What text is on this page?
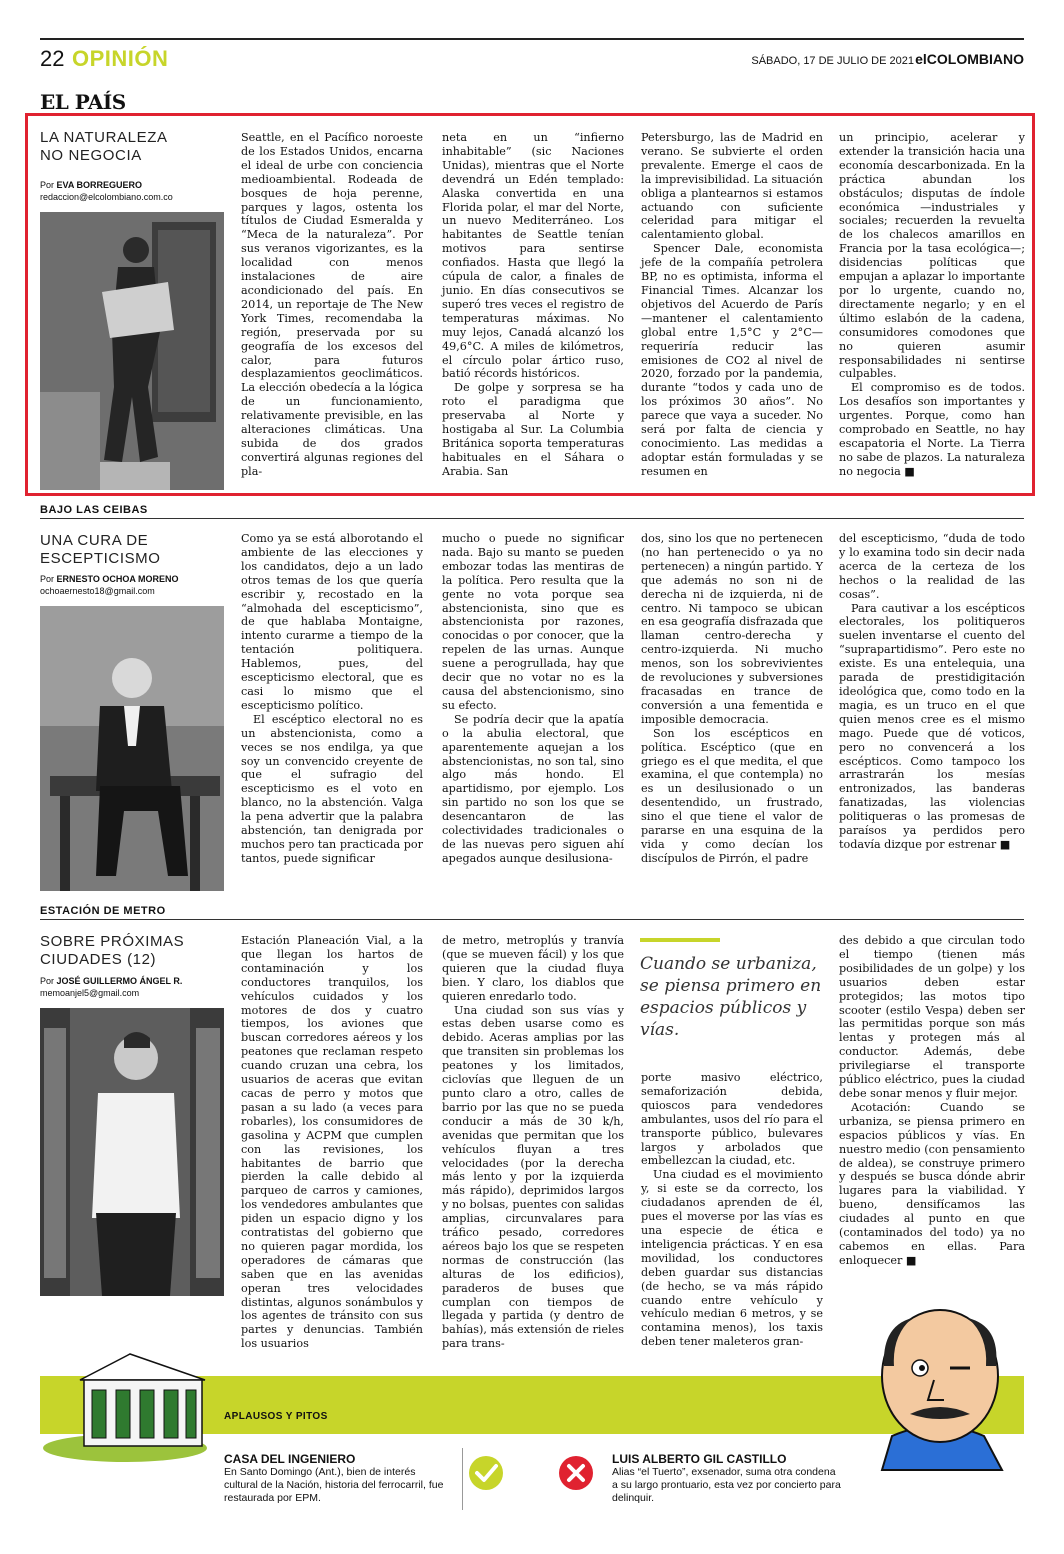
22 OPINIÓN	SÁBADO, 17 DE JULIO DE 2021 elCOLOMBIANO
EL PAÍS
LA NATURALEZA
NO NEGOCIA
Por EVA BORREGUERO
redaccion@elcolombiano.com.co

Seattle, en el Pacífico noroeste de los Estados Unidos, encarna el ideal de urbe con conciencia medioambiental. Rodeada de bosques de hoja perenne, parques y lagos, ostenta los títulos de Ciudad Esmeralda y “Meca de la naturaleza”. Por sus veranos vigorizantes, es la localidad con menos instalaciones de aire acondicionado del país. En 2014, un reportaje de The New York Times, recomendaba la región, preservada por su geografía de los excesos del calor, para futuros desplazamientos geoclimáticos. La elección obedecía a la lógica de un funcionamiento, relativamente previsible, en las alteraciones climáticas. Una subida de dos grados convertirá algunas regiones del pla-

neta en un “infierno inhabitable” (sic Naciones Unidas), mientras que el Norte devendrá un Edén templado: Alaska convertida en una Florida polar, el mar del Norte, un nuevo Mediterráneo. Los habitantes de Seattle tenían motivos para sentirse confiados. Hasta que llegó la cúpula de calor, a finales de junio. En días consecutivos se superó tres veces el registro de temperaturas máximas. No muy lejos, Canadá alcanzó los 49,6°C. A miles de kilómetros, el círculo polar ártico ruso, batió récords históricos.

De golpe y sorpresa se ha roto el paradigma que preservaba al Norte y hostigaba al Sur. La Columbia Británica soporta temperaturas habituales en el Sáhara o Arabia. San

Petersburgo, las de Madrid en verano. Se subvierte el orden prevalente. Emerge el caos de la imprevisibilidad. La situación obliga a plantearnos si estamos actuando con suficiente celeridad para mitigar el calentamiento global.

Spencer Dale, economista jefe de la compañía petrolera BP, no es optimista, informa el Financial Times. Alcanzar los objetivos del Acuerdo de París —mantener el calentamiento global entre 1,5°C y 2°C— requeriría reducir las emisiones de CO2 al nivel de 2020, forzado por la pandemia, durante “todos y cada uno de los próximos 30 años”. No parece que vaya a suceder. No será por falta de ciencia y conocimiento. Las medidas a adoptar están formuladas y se resumen en

un principio, acelerar y extender la transición hacia una economía descarbonizada. En la práctica abundan los obstáculos; disputas de índole económica —industriales y sociales; recuerden la revuelta de los chalecos amarillos en Francia por la tasa ecológica—; disidencias políticas que empujan a aplazar lo importante por lo urgente, cuando no, directamente negarlo; y en el último eslabón de la cadena, consumidores comodones que no quieren asumir responsabilidades ni sentirse culpables.

El compromiso es de todos. Los desafíos son importantes y urgentes. Porque, como han comprobado en Seattle, no hay escapatoria el Norte. La Tierra no sabe de plazos. La naturaleza no negocia ■

BAJO LAS CEIBAS
UNA CURA DE
ESCEPTICISMO
Por ERNESTO OCHOA MORENO
ochoaernesto18@gmail.com

Como ya se está alborotando el ambiente de las elecciones y los candidatos, dejo a un lado otros temas de los que quería escribir y, recostado en la “almohada del escepticismo”, de que hablaba Montaigne, intento curarme a tiempo de la tentación politiquera. Hablemos, pues, del escepticismo electoral, que es casi lo mismo que el escepticismo político.

El escéptico electoral no es un abstencionista, como a veces se nos endilga, ya que soy un convencido creyente de que el sufragio del escepticismo es el voto en blanco, no la abstención. Valga la pena advertir que la palabra abstención, tan denigrada por muchos pero tan practicada por tantos, puede significar

mucho o puede no significar nada. Bajo su manto se pueden embozar todas las mentiras de la política. Pero resulta que la gente no vota porque sea abstencionista, sino que es abstencionista por razones, conocidas o por conocer, que la repelen de las urnas. Aunque suene a perogrullada, hay que decir que no votar no es la causa del abstencionismo, sino su efecto.

Se podría decir que la apatía o la abulia electoral, que aparentemente aquejan a los abstencionistas, no son tal, sino algo más hondo. El apartidismo, por ejemplo. Los sin partido no son los que se desencantaron de las colectividades tradicionales o de las nuevas pero siguen ahí apegados aunque desilusiona-

dos, sino los que no pertenecen (no han pertenecido o ya no pertenecen) a ningún partido. Y que además no son ni de derecha ni de izquierda, ni de centro. Ni tampoco se ubican en esa geografía disfrazada que llaman centro-derecha y centro-izquierda. Ni mucho menos, son los sobrevivientes de revoluciones y subversiones fracasadas en trance de conversión a una fementida e imposible democracia.

Son los escépticos en política. Escéptico (que en griego es el que medita, el que examina, el que contempla) no es un desilusionado o un desentendido, un frustrado, sino el que tiene el valor de pararse en una esquina de la vida y como decían los discípulos de Pirrón, el padre

del escepticismo, “duda de todo y lo examina todo sin decir nada acerca de la certeza de los hechos o la realidad de las cosas”.

Para cautivar a los escépticos electorales, los politiqueros suelen inventarse el cuento del “suprapartidismo”. Pero este no existe. Es una entelequia, una parada de prestidigitación ideológica que, como todo en la magia, es un truco en el que quien menos cree es el mismo mago. Puede que dé voticos, pero no convencerá a los escépticos. Como tampoco los arrastrarán los mesías entronizados, las banderas fanatizadas, las violencias politiqueras o las promesas de paraísos ya perdidos pero todavía dizque por estrenar ■

ESTACIÓN DE METRO
SOBRE PRÓXIMAS
CIUDADES (12)
Por JOSÉ GUILLERMO ÁNGEL R.
memoanjel5@gmail.com

Estación Planeación Vial, a la que llegan los hartos de contaminación y los conductores tranquilos, los vehículos cuidados y los motores de dos y cuatro tiempos, los aviones que buscan corredores aéreos y los peatones que reclaman respeto cuando cruzan una cebra, los usuarios de aceras que evitan cacas de perro y motos que pasan a su lado (a veces para robarles), los consumidores de gasolina y ACPM que cumplen con las revisiones, los habitantes de barrio que pierden la calle debido al parqueo de carros y camiones, los vendedores ambulantes que piden un espacio digno y los contratistas del gobierno que no quieren pagar mordida, los operadores de cámaras que saben que en las avenidas operan tres velocidades distintas, algunos sonámbulos y los agentes de tránsito con sus partes y denuncias. También los usuarios

de metro, metroplús y tranvía (que se mueven fácil) y los que quieren que la ciudad fluya bien. Y claro, los diablos que quieren enredarlo todo.

Una ciudad son sus vías y estas deben usarse como es debido. Aceras amplias por las que transiten sin problemas los peatones y los limitados, ciclovías que lleguen de un punto claro a otro, calles de barrio por las que no se pueda conducir a más de 30 k/h, avenidas que permitan que los vehículos fluyan a tres velocidades (por la derecha más lento y por la izquierda más rápido), deprimidos largos y no bolsas, puentes con salidas amplias, circunvalares para tráfico pesado, corredores aéreos bajo los que se respeten normas de construcción (las alturas de los edificios), paraderos de buses que cumplan con tiempos de llegada y partida (y dentro de bahías), más extensión de rieles para trans-

Cuando se urbaniza, se piensa primero en espacios públicos y vías.

porte masivo eléctrico, semaforización debida, quioscos para vendedores ambulantes, usos del río para el transporte público, bulevares largos y arbolados que embellezcan la ciudad, etc.

Una ciudad es el movimiento y, si este se da correcto, los ciudadanos aprenden de él, pues el moverse por las vías es una especie de ética e inteligencia prácticas. Y en esa movilidad, los conductores deben guardar sus distancias (de hecho, se va más rápido cuando entre vehículo y vehículo median 6 metros, y se contamina menos), los taxis deben tener maleteros gran-

des debido a que circulan todo el tiempo (tienen más posibilidades de un golpe) y los usuarios deben estar protegidos; las motos tipo scooter (estilo Vespa) deben ser las permitidas porque son más lentas y protegen más al conductor. Además, debe privilegiarse el transporte público eléctrico, pues la ciudad debe sonar menos y fluir mejor.

Acotación: Cuando se urbaniza, se piensa primero en espacios públicos y vías. En nuestro medio (con pensamiento de aldea), se construye primero y después se busca dónde abrir lugares para la viabilidad. Y bueno, densifícamos las ciudades al punto en que (contaminados del todo) ya no cabemos en ellas. Para enloquecer ■

APLAUSOS Y PITOS
CASA DEL INGENIERO
En Santo Domingo (Ant.), bien de interés cultural de la Nación, historia del ferrocarril, fue restaurada por EPM.
LUIS ALBERTO GIL CASTILLO
Alias “el Tuerto”, exsenador, suma otra condena a su largo prontuario, esta vez por concierto para delinquir.
